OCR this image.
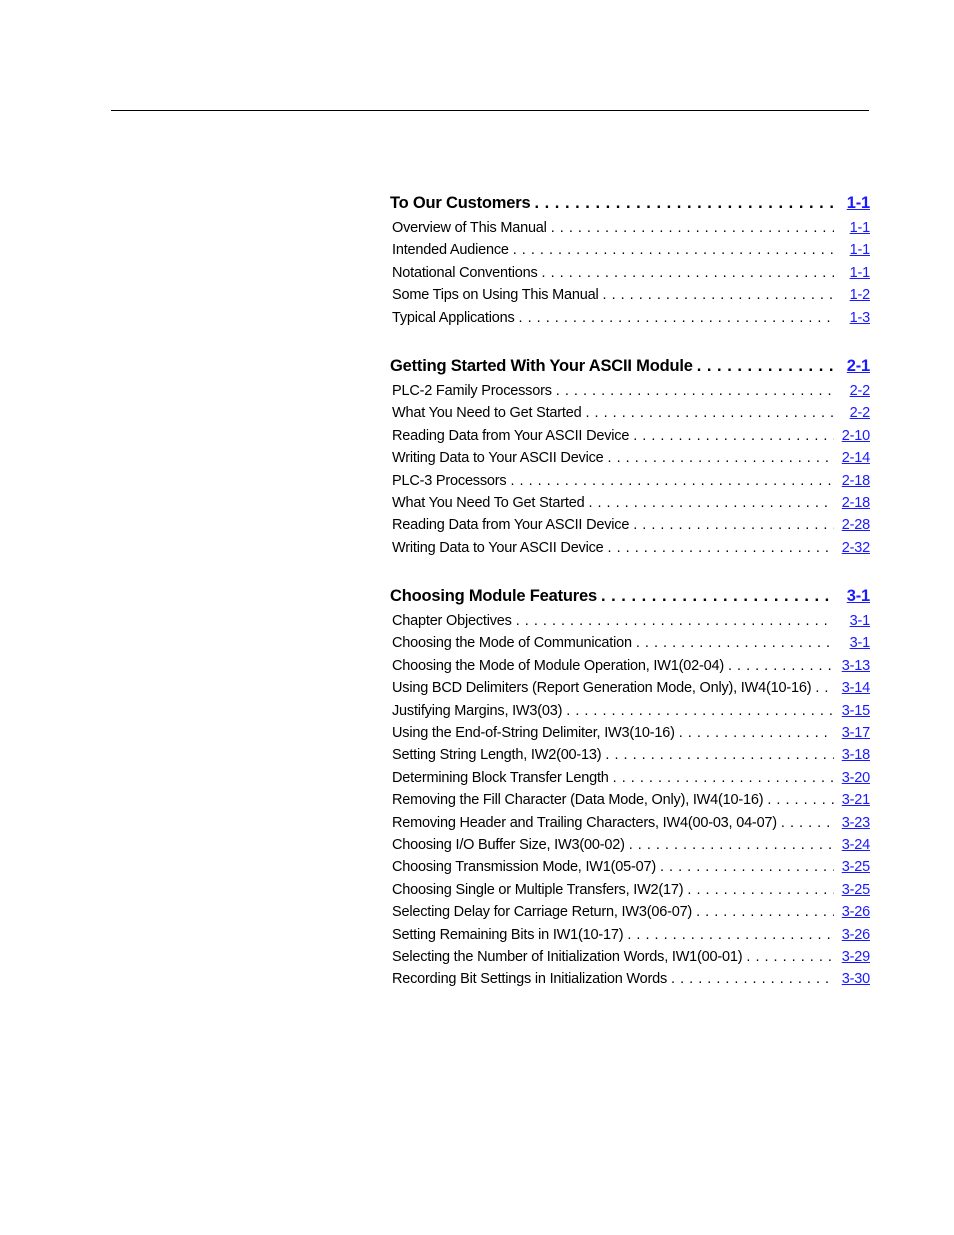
To Our Customers . . .	1-1
Overview of This Manual . . .	1-1
Intended Audience . . .	1-1
Notational Conventions . . .	1-1
Some Tips on Using This Manual . . .	1-2
Typical Applications . . .	1-3
Getting Started With Your ASCII Module . . .	2-1
PLC-2 Family Processors . . .	2-2
What You Need to Get Started . . .	2-2
Reading Data from Your ASCII Device . . .	2-10
Writing Data to Your ASCII Device . . .	2-14
PLC-3 Processors . . .	2-18
What You Need To Get Started . . .	2-18
Reading Data from Your ASCII Device . . .	2-28
Writing Data to Your ASCII Device . . .	2-32
Choosing Module Features . . .	3-1
Chapter Objectives . . .	3-1
Choosing the Mode of Communication . . .	3-1
Choosing the Mode of Module Operation, IW1(02-04) . . .	3-13
Using BCD Delimiters (Report Generation Mode, Only), IW4(10-16) . . . 3-14
Justifying Margins, IW3(03) . . .	3-15
Using the End-of-String Delimiter, IW3(10-16) . . .	3-17
Setting String Length, IW2(00-13) . . .	3-18
Determining Block Transfer Length . . .	3-20
Removing the Fill Character (Data Mode, Only), IW4(10-16) . . .	3-21
Removing Header and Trailing Characters, IW4(00-03, 04-07) . . .	3-23
Choosing I/O Buffer Size, IW3(00-02) . . .	3-24
Choosing Transmission Mode, IW1(05-07) . . .	3-25
Choosing Single or Multiple Transfers, IW2(17) . . .	3-25
Selecting Delay for Carriage Return, IW3(06-07) . . .	3-26
Setting Remaining Bits in IW1(10-17) . . .	3-26
Selecting the Number of Initialization Words, IW1(00-01) . . .	3-29
Recording Bit Settings in Initialization Words . . .	3-30
